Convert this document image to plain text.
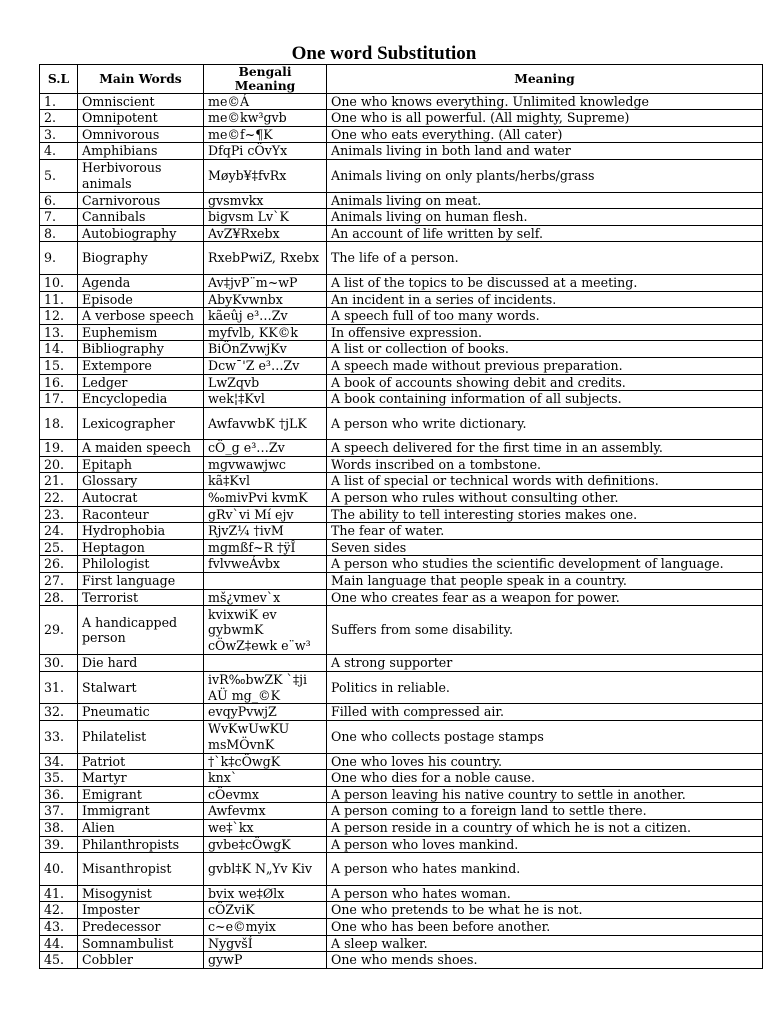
One word Substitution
S.L	Main Words	Bengali Meaning	Meaning
1.	Omniscient	me©Á	One who knows everything. Unlimited knowledge
2.	Omnipotent	me©kw³gvb	One who is all powerful. (All mighty, Supreme)
3.	Omnivorous	me©f~¶K	One who eats everything. (All cater)
4.	Amphibians	DfqPi cÖvYx	Animals living in both land and water
5.	Herbivorous animals	Møyb¥‡fvRx	Animals living on only plants/herbs/grass
6.	Carnivorous	gvsmvkx	Animals living on meat.
7.	Cannibals	bigvsm Lv`K	Animals living on human flesh.
8.	Autobiography	AvZ¥Rxebx	An account of life written by self.
9.	Biography	RxebPwiZ, Rxebx	The life of a person.
10.	Agenda	Av‡jvP¨m~wP	A list of the topics to be discussed at a meeting.
11.	Episode	AbyKvwnbx	An incident in a series of incidents.
12.	A verbose speech	kãeûj e³…Zv	A speech full of too many words.
13.	Euphemism	myfvlb, KK©k	In offensive expression.
14.	Bibliography	BiÖnZvwjKv	A list or collection of books.
15.	Extempore	Dcw¯'Z e³…Zv	A speech made without previous preparation.
16.	Ledger	LwZqvb	A book of accounts showing debit and credits.
17.	Encyclopedia	wek¦‡Kvl	A book containing information of all subjects.
18.	Lexicographer	AwfavwbK †jLK	A person who write dictionary.
19.	A maiden speech	cÖ_g e³…Zv	A speech delivered for the first time in an assembly.
20.	Epitaph	mgvwawjwc	Words inscribed on a tombstone.
21.	Glossary	kã‡Kvl	A list of special or technical words with definitions.
22.	Autocrat	‰mivPvi kvmK	A person who rules without consulting other.
23.	Raconteur	gRv`vi Mí ejv	The ability to tell interesting stories makes one.
24.	Hydrophobia	RjvZ¼ †ivM	The fear of water.
25.	Heptagon	mgmßf~R †ÿÎ	Seven sides
26.	Philologist	fvlvweÁvbx	A person who studies the scientific development of language.
27.	First language		Main language that people speak in a country.
28.	Terrorist	mš¿vmev`x	One who creates fear as a weapon for power.
29.	A handicapped person	kvixwiK ev gybwmK cÖwZ‡ewk e¨w³	Suffers from some disability.
30.	Die hard		A strong supporter
31.	Stalwart	ivR‰bwZK `‡ji AÜ mg_©K	Politics in reliable.
32.	Pneumatic	evqyPvwjZ	Filled with compressed air.
33.	Philatelist	WvKwUwKU msMÖvnK	One who collects postage stamps
34.	Patriot	†`k‡cÖwgK	One who loves his country.
35.	Martyr	knx`	One who dies for a noble cause.
36.	Emigrant	cÖevmx	A person leaving his native country to settle in another.
37.	Immigrant	Awfevmx	A person coming to a foreign land to settle there.
38.	Alien	we‡`kx	A person reside in a country of which he is not a citizen.
39.	Philanthropists	gvbe‡cÖwgK	A person who loves mankind.
40.	Misanthropist	gvbl‡K N„Yv Kiv	A person who hates mankind.
41.	Misogynist	bvix we‡Ølx	A person who hates woman.
42.	Imposter	cÖZviK	One who pretends to be what he is not.
43.	Predecessor	c~e©myix	One who has been before another.
44.	Somnambulist	NygvšÍ	A sleep walker.
45.	Cobbler	gywP	One who mends shoes.
